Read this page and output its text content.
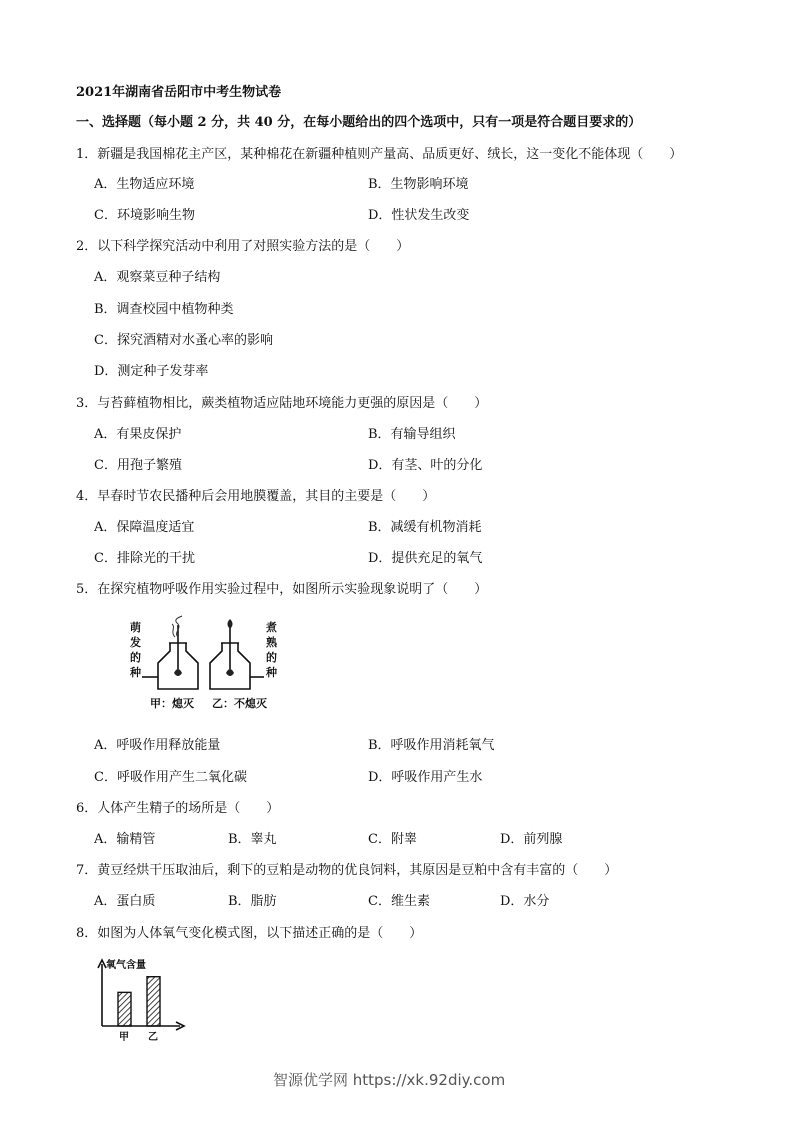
2021年湖南省岳阳市中考生物试卷
一、选择题（每小题 2 分，共 40 分，在每小题给出的四个选项中，只有一项是符合题目要求的）
1．新疆是我国棉花主产区，某种棉花在新疆种植则产量高、品质更好、绒长，这一变化不能体现（　　）
A．生物适应环境	B．生物影响环境
C．环境影响生物	D．性状发生改变
2．以下科学探究活动中利用了对照实验方法的是（　　）
A．观察菜豆种子结构
B．调查校园中植物种类
C．探究酒精对水蚤心率的影响
D．测定种子发芽率
3．与苔藓植物相比，蕨类植物适应陆地环境能力更强的原因是（　　）
A．有果皮保护	B．有输导组织
C．用孢子繁殖	D．有茎、叶的分化
4．早春时节农民播种后会用地膜覆盖，其目的主要是（　　）
A．保障温度适宜	B．减缓有机物消耗
C．排除光的干扰	D．提供充足的氧气
5．在探究植物呼吸作用实验过程中，如图所示实验现象说明了（　　）
萌
发
的
种
煮
熟
的
种
甲：熄灭 乙：不熄灭
A．呼吸作用释放能量	B．呼吸作用消耗氧气
C．呼吸作用产生二氧化碳	D．呼吸作用产生水
6．人体产生精子的场所是（　　）
A．输精管	B．睾丸	C．附睾	D．前列腺
7．黄豆经烘干压取油后，剩下的豆粕是动物的优良饲料，其原因是豆粕中含有丰富的（　　）
A．蛋白质	B．脂肪	C．维生素	D．水分
8．如图为人体氧气变化模式图，以下描述正确的是（　　）
氧气含量
甲 乙
智源优学网 https://xk.92diy.com
